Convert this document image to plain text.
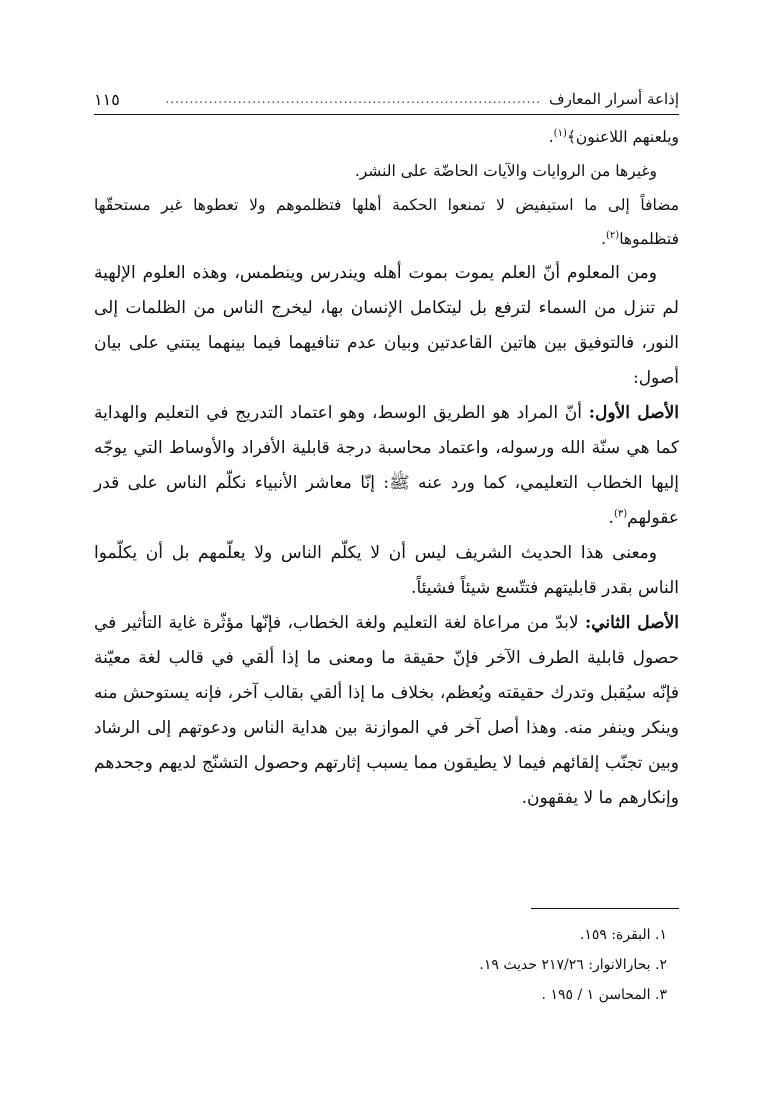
إذاعة أسرار المعارف
..............................................................................
١١٥

ويلعنهم اللاعنون﴾$^{(١)}$.

وغيرها من الروايات والآيات الحاضّة على النشر.

مضافاً إلى ما استيفيض لا تمنعوا الحكمة أهلها فتظلموهم ولا تعطوها غير مستحقّها فتظلموها$^{(٢)}$.

ومن المعلوم أنّ العلم يموت بموت أهله ويندرس وينطمس، وهذه العلوم الإلهية لم تنزل من السماء لترفع بل ليتكامل الإنسان بها، ليخرج الناس من الظلمات إلى النور، فالتوفيق بين هاتين القاعدتين وبيان عدم تنافيهما فيما بينهما يبتني على بيان أصول:

الأصل الأول: أنّ المراد هو الطريق الوسط، وهو اعتماد التدريج في التعليم والهداية كما هي سنّة الله ورسوله، واعتماد محاسبة درجة قابلية الأفراد والأوساط التي يوجّه إليها الخطاب التعليمي، كما ورد عنه ﷺ: إنّا معاشر الأنبياء نكلّم الناس على قدر عقولهم$^{(٣)}$.

ومعنى هذا الحديث الشريف ليس أن لا يكلّم الناس ولا يعلّمهم بل أن يكلّموا الناس بقدر قابليتهم فتتّسع شيئاً فشيئاً.

الأصل الثاني: لابدّ من مراعاة لغة التعليم ولغة الخطاب، فإنّها مؤثّرة غاية التأثير في حصول قابلية الطرف الآخر فإنّ حقيقة ما ومعنى ما إذا ألقي في قالب لغة معيّنة فإنّه سيُقبل وتدرك حقيقته ويُعظم، بخلاف ما إذا ألقي بقالب آخر، فإنه يستوحش منه وينكر وينفر منه. وهذا أصل آخر في الموازنة بين هداية الناس ودعوتهم إلى الرشاد وبين تجنّب إلقائهم فيما لا يطيقون مما يسبب إثارتهم وحصول التشنّج لديهم وجحدهم وإنكارهم ما لا يفقهون.

١. البقرة: ١٥٩.
٢. بحارالانوار: ٢١٧/٢٦ حديث ١٩.
٣. المحاسن ١ / ١٩٥ .
